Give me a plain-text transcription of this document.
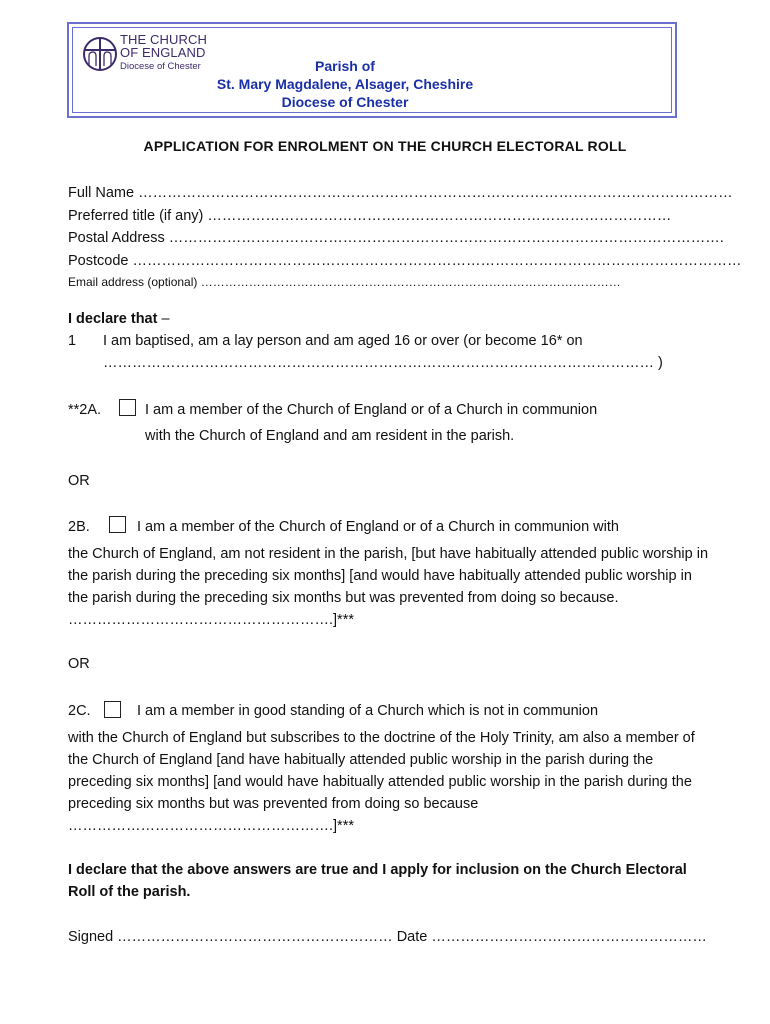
THE CHURCH
OF ENGLAND
Diocese of Chester	Parish of
St. Mary Magdalene, Alsager, Cheshire
Diocese of Chester
APPLICATION FOR ENROLMENT ON THE CHURCH ELECTORAL ROLL
Full Name ……………………………………………………………………………………………………………
Preferred title (if any) ……………………………………………………………………………………
Postal Address …………………………………………………………………………………………………….
Postcode ………………………………………………………………………………………………………………
Email address (optional) ……………………………………………………………………………………………
I declare that –
1 I am baptised, am a lay person and am aged 16 or over (or become 16* on
…………………………………………………………………………………………………… )
**2A.	I am a member of the Church of England or of a Church in communion
with the Church of England and am resident in the parish.
OR
2B.	I am a member of the Church of England or of a Church in communion with
the Church of England, am not resident in the parish, [but have habitually attended public worship in the parish during the preceding six months] [and would have habitually attended public worship in the parish during the preceding six months but was prevented from doing so because. ……………………………………………….]***
OR
2C.	I am a member in good standing of a Church which is not in communion
with the Church of England but subscribes to the doctrine of the Holy Trinity, am also a member of the Church of England [and have habitually attended public worship in the parish during the preceding six months] [and would have habitually attended public worship in the parish during the preceding six months but was prevented from doing so because ……………………………………………….]***
I declare that the above answers are true and I apply for inclusion on the Church Electoral Roll of the parish.
Signed ………………………………………………… Date …………………………………………………
